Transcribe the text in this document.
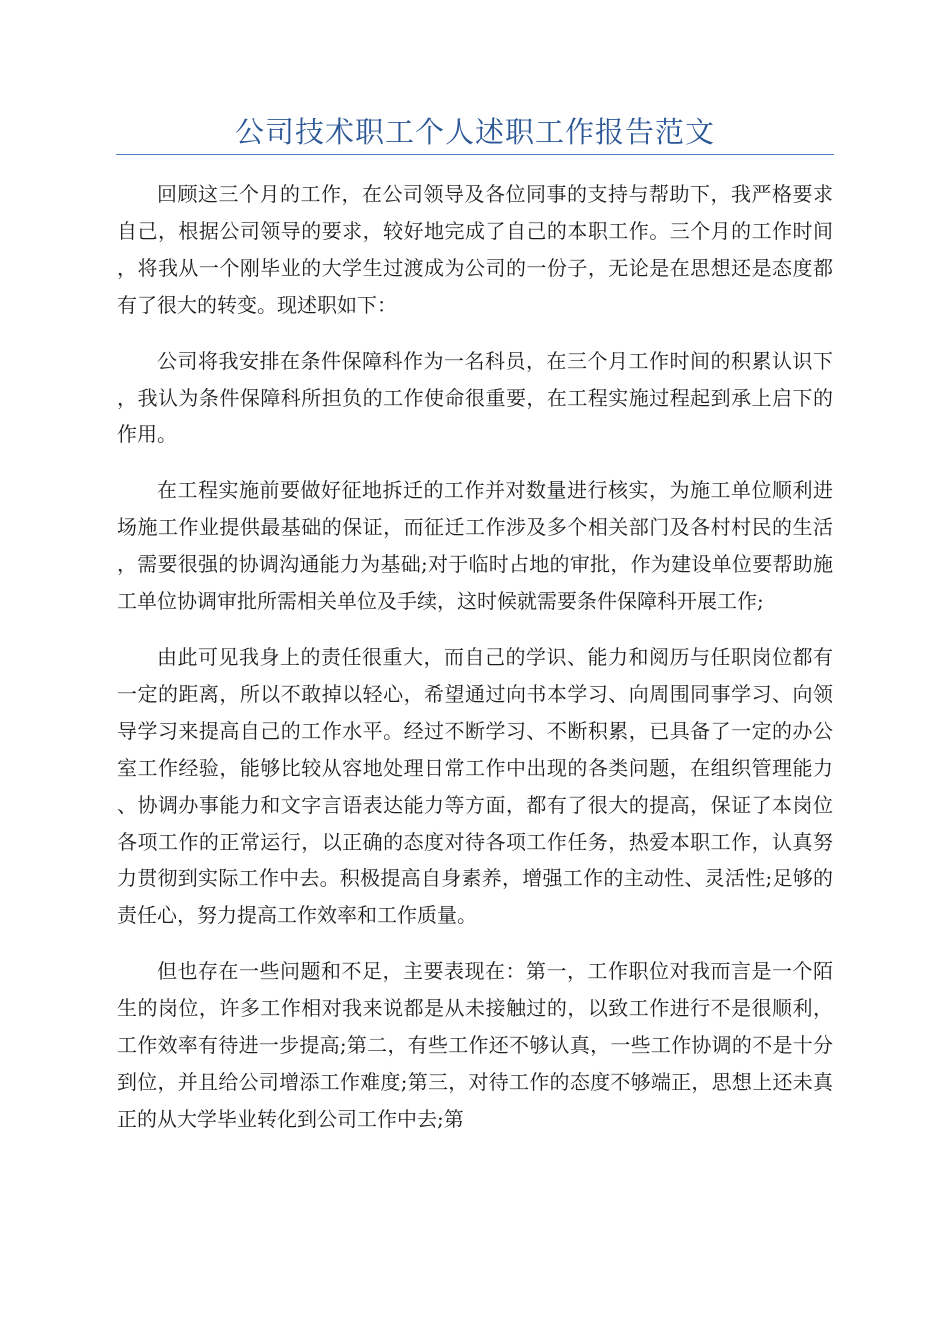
公司技术职工个人述职工作报告范文

回顾这三个月的工作，在公司领导及各位同事的支持与帮助下，我严格要求自己，根据公司领导的要求，较好地完成了自己的本职工作。三个月的工作时间，将我从一个刚毕业的大学生过渡成为公司的一份子，无论是在思想还是态度都有了很大的转变。现述职如下：

公司将我安排在条件保障科作为一名科员，在三个月工作时间的积累认识下，我认为条件保障科所担负的工作使命很重要，在工程实施过程起到承上启下的作用。

在工程实施前要做好征地拆迁的工作并对数量进行核实，为施工单位顺利进场施工作业提供最基础的保证，而征迁工作涉及多个相关部门及各村村民的生活，需要很强的协调沟通能力为基础;对于临时占地的审批，作为建设单位要帮助施工单位协调审批所需相关单位及手续，这时候就需要条件保障科开展工作;

由此可见我身上的责任很重大，而自己的学识、能力和阅历与任职岗位都有一定的距离，所以不敢掉以轻心，希望通过向书本学习、向周围同事学习、向领导学习来提高自己的工作水平。经过不断学习、不断积累，已具备了一定的办公室工作经验，能够比较从容地处理日常工作中出现的各类问题，在组织管理能力、协调办事能力和文字言语表达能力等方面，都有了很大的提高，保证了本岗位各项工作的正常运行，以正确的态度对待各项工作任务，热爱本职工作，认真努力贯彻到实际工作中去。积极提高自身素养，增强工作的主动性、灵活性;足够的责任心，努力提高工作效率和工作质量。

但也存在一些问题和不足，主要表现在：第一，工作职位对我而言是一个陌生的岗位，许多工作相对我来说都是从未接触过的，以致工作进行不是很顺利，工作效率有待进一步提高;第二，有些工作还不够认真，一些工作协调的不是十分到位，并且给公司增添工作难度;第三，对待工作的态度不够端正，思想上还未真正的从大学毕业转化到公司工作中去;第
